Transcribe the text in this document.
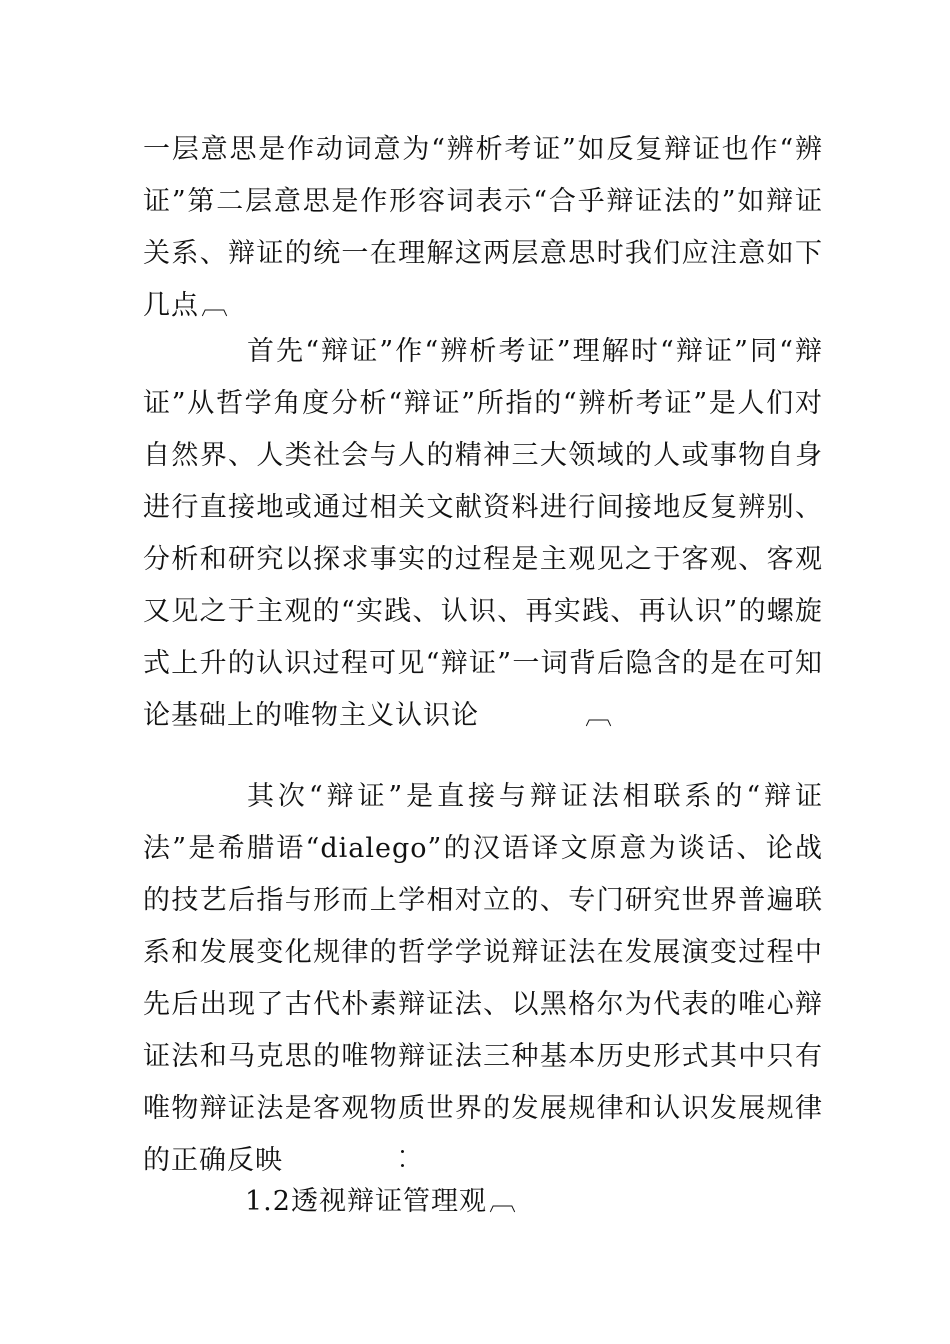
一层意思是作动词意为“辨析考证”如反复辩证也作“辨证”第二层意思是作形容词表示“合乎辩证法的”如辩证关系、辩证的统一在理解这两层意思时我们应注意如下几点︹

首先“辩证”作“辨析考证”理解时“辩证”同“辩证”从哲学角度分析“辩证”所指的“辨析考证”是人们对自然界、人类社会与人的精神三大领域的人或事物自身进行直接地或通过相关文献资料进行间接地反复辨别、分析和研究以探求事实的过程是主观见之于客观、客观又见之于主观的“实践、认识、再实践、再认识”的螺旋式上升的认识过程可见“辩证”一词背后隐含的是在可知论基础上的唯物主义认识论	︹

其次“辩证”是直接与辩证法相联系的“辩证法”是希腊语“dialego”的汉语译文原意为谈话、论战的技艺后指与形而上学相对立的、专门研究世界普遍联系和发展变化规律的哲学学说辩证法在发展演变过程中先后出现了古代朴素辩证法、以黑格尔为代表的唯心辩证法和马克思的唯物辩证法三种基本历史形式其中只有唯物辩证法是客观物质世界的发展规律和认识发展规律的正确反映	︰

1.2透视辩证管理观︹
